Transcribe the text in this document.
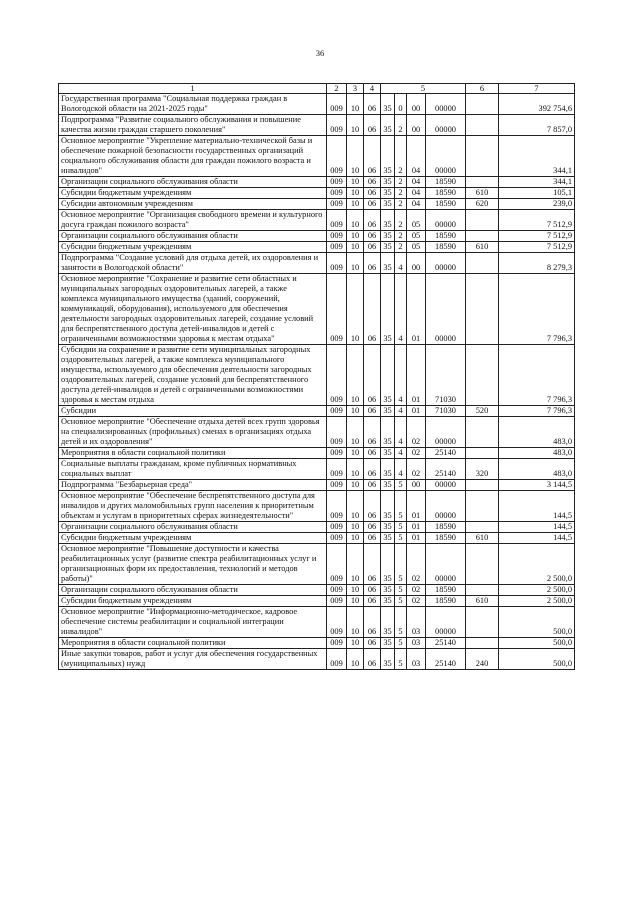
36
1	2	3	4	5				6	7
Государственная программа "Социальная поддержка граждан в Вологодской области на 2021-2025 годы"	009	10	06	35	0	00	00000		392 754,6
Подпрограмма "Развитие социального обслуживания и повышение качества жизни граждан старшего поколения"	009	10	06	35	2	00	00000		7 857,0
Основное мероприятие "Укрепление материально-технической базы и обеспечение пожарной безопасности государственных организаций социального обслуживания области для граждан пожилого возраста и инвалидов"	009	10	06	35	2	04	00000		344,1
Организации социального обслуживания области	009	10	06	35	2	04	18590		344,1
Субсидии бюджетным учреждениям	009	10	06	35	2	04	18590	610	105,1
Субсидии автономным учреждениям	009	10	06	35	2	04	18590	620	239,0
Основное мероприятие "Организация свободного времени и культурного досуга граждан пожилого возраста"	009	10	06	35	2	05	00000		7 512,9
Организации социального обслуживания области	009	10	06	35	2	05	18590		7 512,9
Субсидии бюджетным учреждениям	009	10	06	35	2	05	18590	610	7 512,9
Подпрограмма "Создание условий для отдыха детей, их оздоровления и занятости в Вологодской области"	009	10	06	35	4	00	00000		8 279,3
Основное мероприятие "Сохранение и развитие сети областных и муниципальных загородных оздоровительных лагерей, а также комплекса муниципального имущества (зданий, сооружений, коммуникаций, оборудования), используемого для обеспечения деятельности загородных оздоровительных лагерей, создание условий для беспрепятственного доступа детей-инвалидов и детей с ограниченными возможностями здоровья к местам отдыха"	009	10	06	35	4	01	00000		7 796,3
Субсидии на сохранение и развитие сети муниципальных загородных оздоровительных лагерей, а также комплекса муниципального имущества, используемого для обеспечения деятельности загородных оздоровительных лагерей, создание условий для беспрепятственного доступа детей-инвалидов и детей с ограниченными возможностями здоровья к местам отдыха	009	10	06	35	4	01	71030		7 796,3
Субсидии	009	10	06	35	4	01	71030	520	7 796,3
Основное мероприятие "Обеспечение отдыха детей всех групп здоровья на специализированных (профильных) сменах в организациях отдыха детей и их оздоровления"	009	10	06	35	4	02	00000		483,0
Мероприятия в области социальной политики	009	10	06	35	4	02	25140		483,0
Социальные выплаты гражданам, кроме публичных нормативных социальных выплат	009	10	06	35	4	02	25140	320	483,0
Подпрограмма "Безбарьерная среда"	009	10	06	35	5	00	00000		3 144,5
Основное мероприятие "Обеспечение беспрепятственного доступа для инвалидов и других маломобильных групп населения к приоритетным объектам и услугам в приоритетных сферах жизнедеятельности"	009	10	06	35	5	01	00000		144,5
Организации социального обслуживания области	009	10	06	35	5	01	18590		144,5
Субсидии бюджетным учреждениям	009	10	06	35	5	01	18590	610	144,5
Основное мероприятие "Повышение доступности и качества реабилитационных услуг (развитие спектра реабилитационных услуг и организационных форм их предоставления, технологий и методов работы)"	009	10	06	35	5	02	00000		2 500,0
Организации социального обслуживания области	009	10	06	35	5	02	18590		2 500,0
Субсидии бюджетным учреждениям	009	10	06	35	5	02	18590	610	2 500,0
Основное мероприятие "Информационно-методическое, кадровое обеспечение системы реабилитации и социальной интеграции инвалидов"	009	10	06	35	5	03	00000		500,0
Мероприятия в области социальной политики	009	10	06	35	5	03	25140		500,0
Иные закупки товаров, работ и услуг для обеспечения государственных (муниципальных) нужд	009	10	06	35	5	03	25140	240	500,0
